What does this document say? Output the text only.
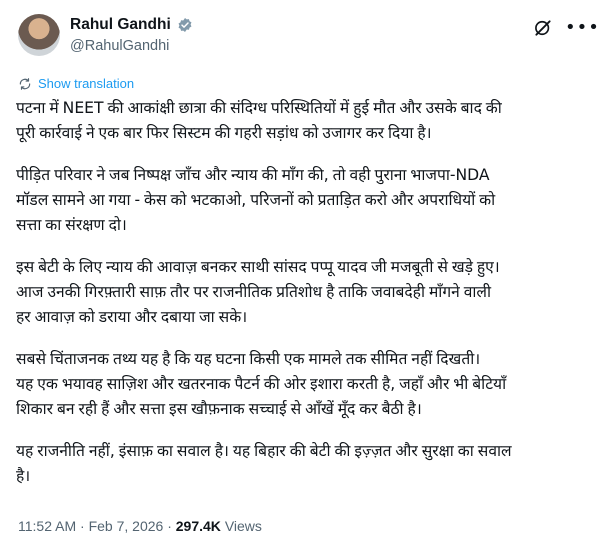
Rahul Gandhi
@RahulGandhi
•••
Show translation

पटना में NEET की आकांक्षी छात्रा की संदिग्ध परिस्थितियों में हुई मौत और उसके बाद की
पूरी कार्रवाई ने एक बार फिर सिस्टम की गहरी सड़ांध को उजागर कर दिया है।

पीड़ित परिवार ने जब निष्पक्ष जाँच और न्याय की माँग की, तो वही पुराना भाजपा-NDA
मॉडल सामने आ गया - केस को भटकाओ, परिजनों को प्रताड़ित करो और अपराधियों को
सत्ता का संरक्षण दो।

इस बेटी के लिए न्याय की आवाज़ बनकर साथी सांसद पप्पू यादव जी मजबूती से खड़े हुए।
आज उनकी गिरफ़्तारी साफ़ तौर पर राजनीतिक प्रतिशोध है ताकि जवाबदेही माँगने वाली
हर आवाज़ को डराया और दबाया जा सके।

सबसे चिंताजनक तथ्य यह है कि यह घटना किसी एक मामले तक सीमित नहीं दिखती।
यह एक भयावह साज़िश और खतरनाक पैटर्न की ओर इशारा करती है, जहाँ और भी बेटियाँ
शिकार बन रही हैं और सत्ता इस खौफ़नाक सच्चाई से आँखें मूँद कर बैठी है।

यह राजनीति नहीं, इंसाफ़ का सवाल है। यह बिहार की बेटी की इज़्ज़त और सुरक्षा का सवाल
है।

11:52 AM · Feb 7, 2026 · 297.4K Views
